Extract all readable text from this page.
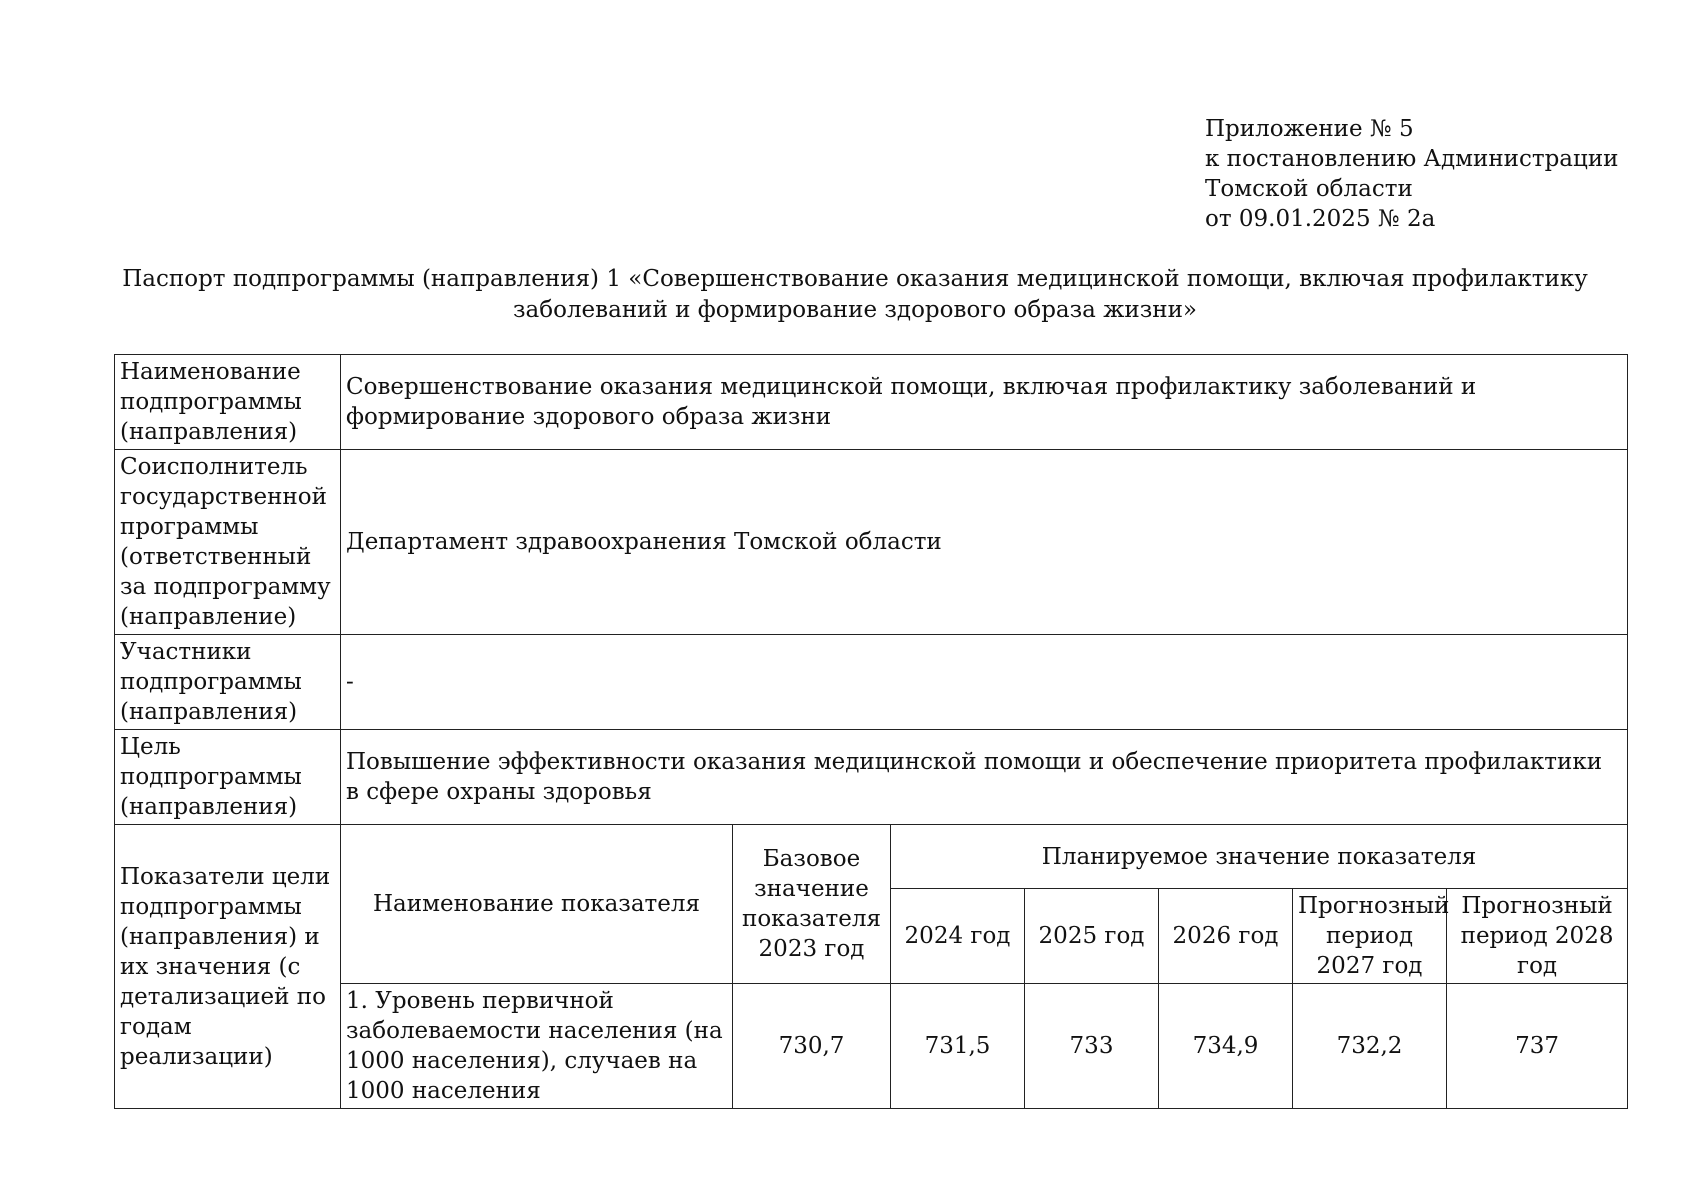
Приложение № 5
к постановлению Администрации
Томской области
от 09.01.2025 № 2а
Паспорт подпрограммы (направления) 1 «Совершенствование оказания медицинской помощи, включая профилактику
заболеваний и формирование здорового образа жизни»
Наименование подпрограммы (направления)	Совершенствование оказания медицинской помощи, включая профилактику заболеваний и формирование здорового образа жизни						
Соисполнитель государственной программы (ответственный за подпрограмму (направление)	Департамент здравоохранения Томской области						
Участники подпрограммы (направления)	-						
Цель подпрограммы (направления)	Повышение эффективности оказания медицинской помощи и обеспечение приоритета профилактики в сфере охраны здоровья						
Показатели цели подпрограммы (направления) и их значения (с детализацией по годам реализации)	Наименование показателя	Базовое значение показателя 2023 год	Планируемое значение показателя				
			2024 год	2025 год	2026 год	Прогнозный период 2027 год	Прогнозный период 2028 год
	1. Уровень первичной заболеваемости населения (на 1000 населения), случаев на 1000 населения	730,7	731,5	733	734,9	732,2	737
